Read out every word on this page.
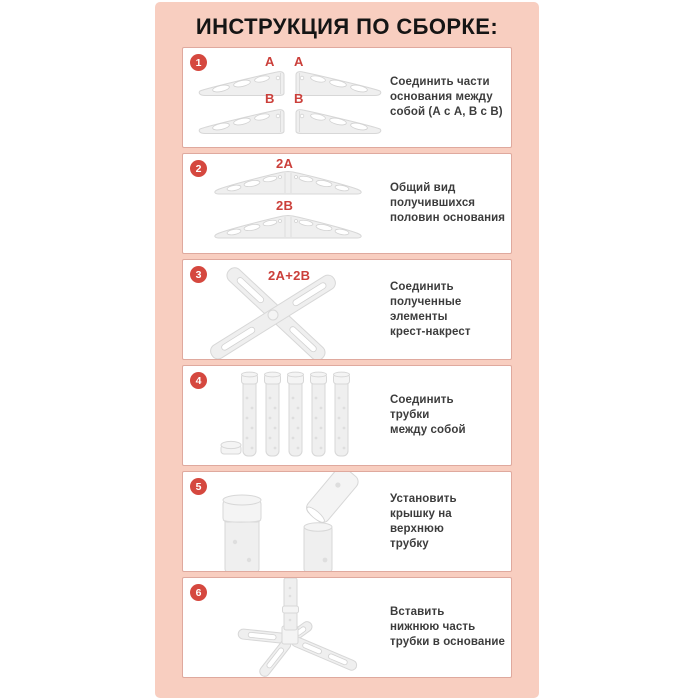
ИНСТРУКЦИЯ ПО СБОРКЕ:
1	А А
В В
Соединить части
основания между
собой (А с А, В с В)
2	2А
2В
Общий вид
получившихся
половин основания
3	2А+2В
Соединить
полученные
элементы
крест-накрест
4
Соединить
трубки
между собой
5
Установить
крышку на верхнюю
трубку
6
Вставить
нижнюю часть
трубки в основание
